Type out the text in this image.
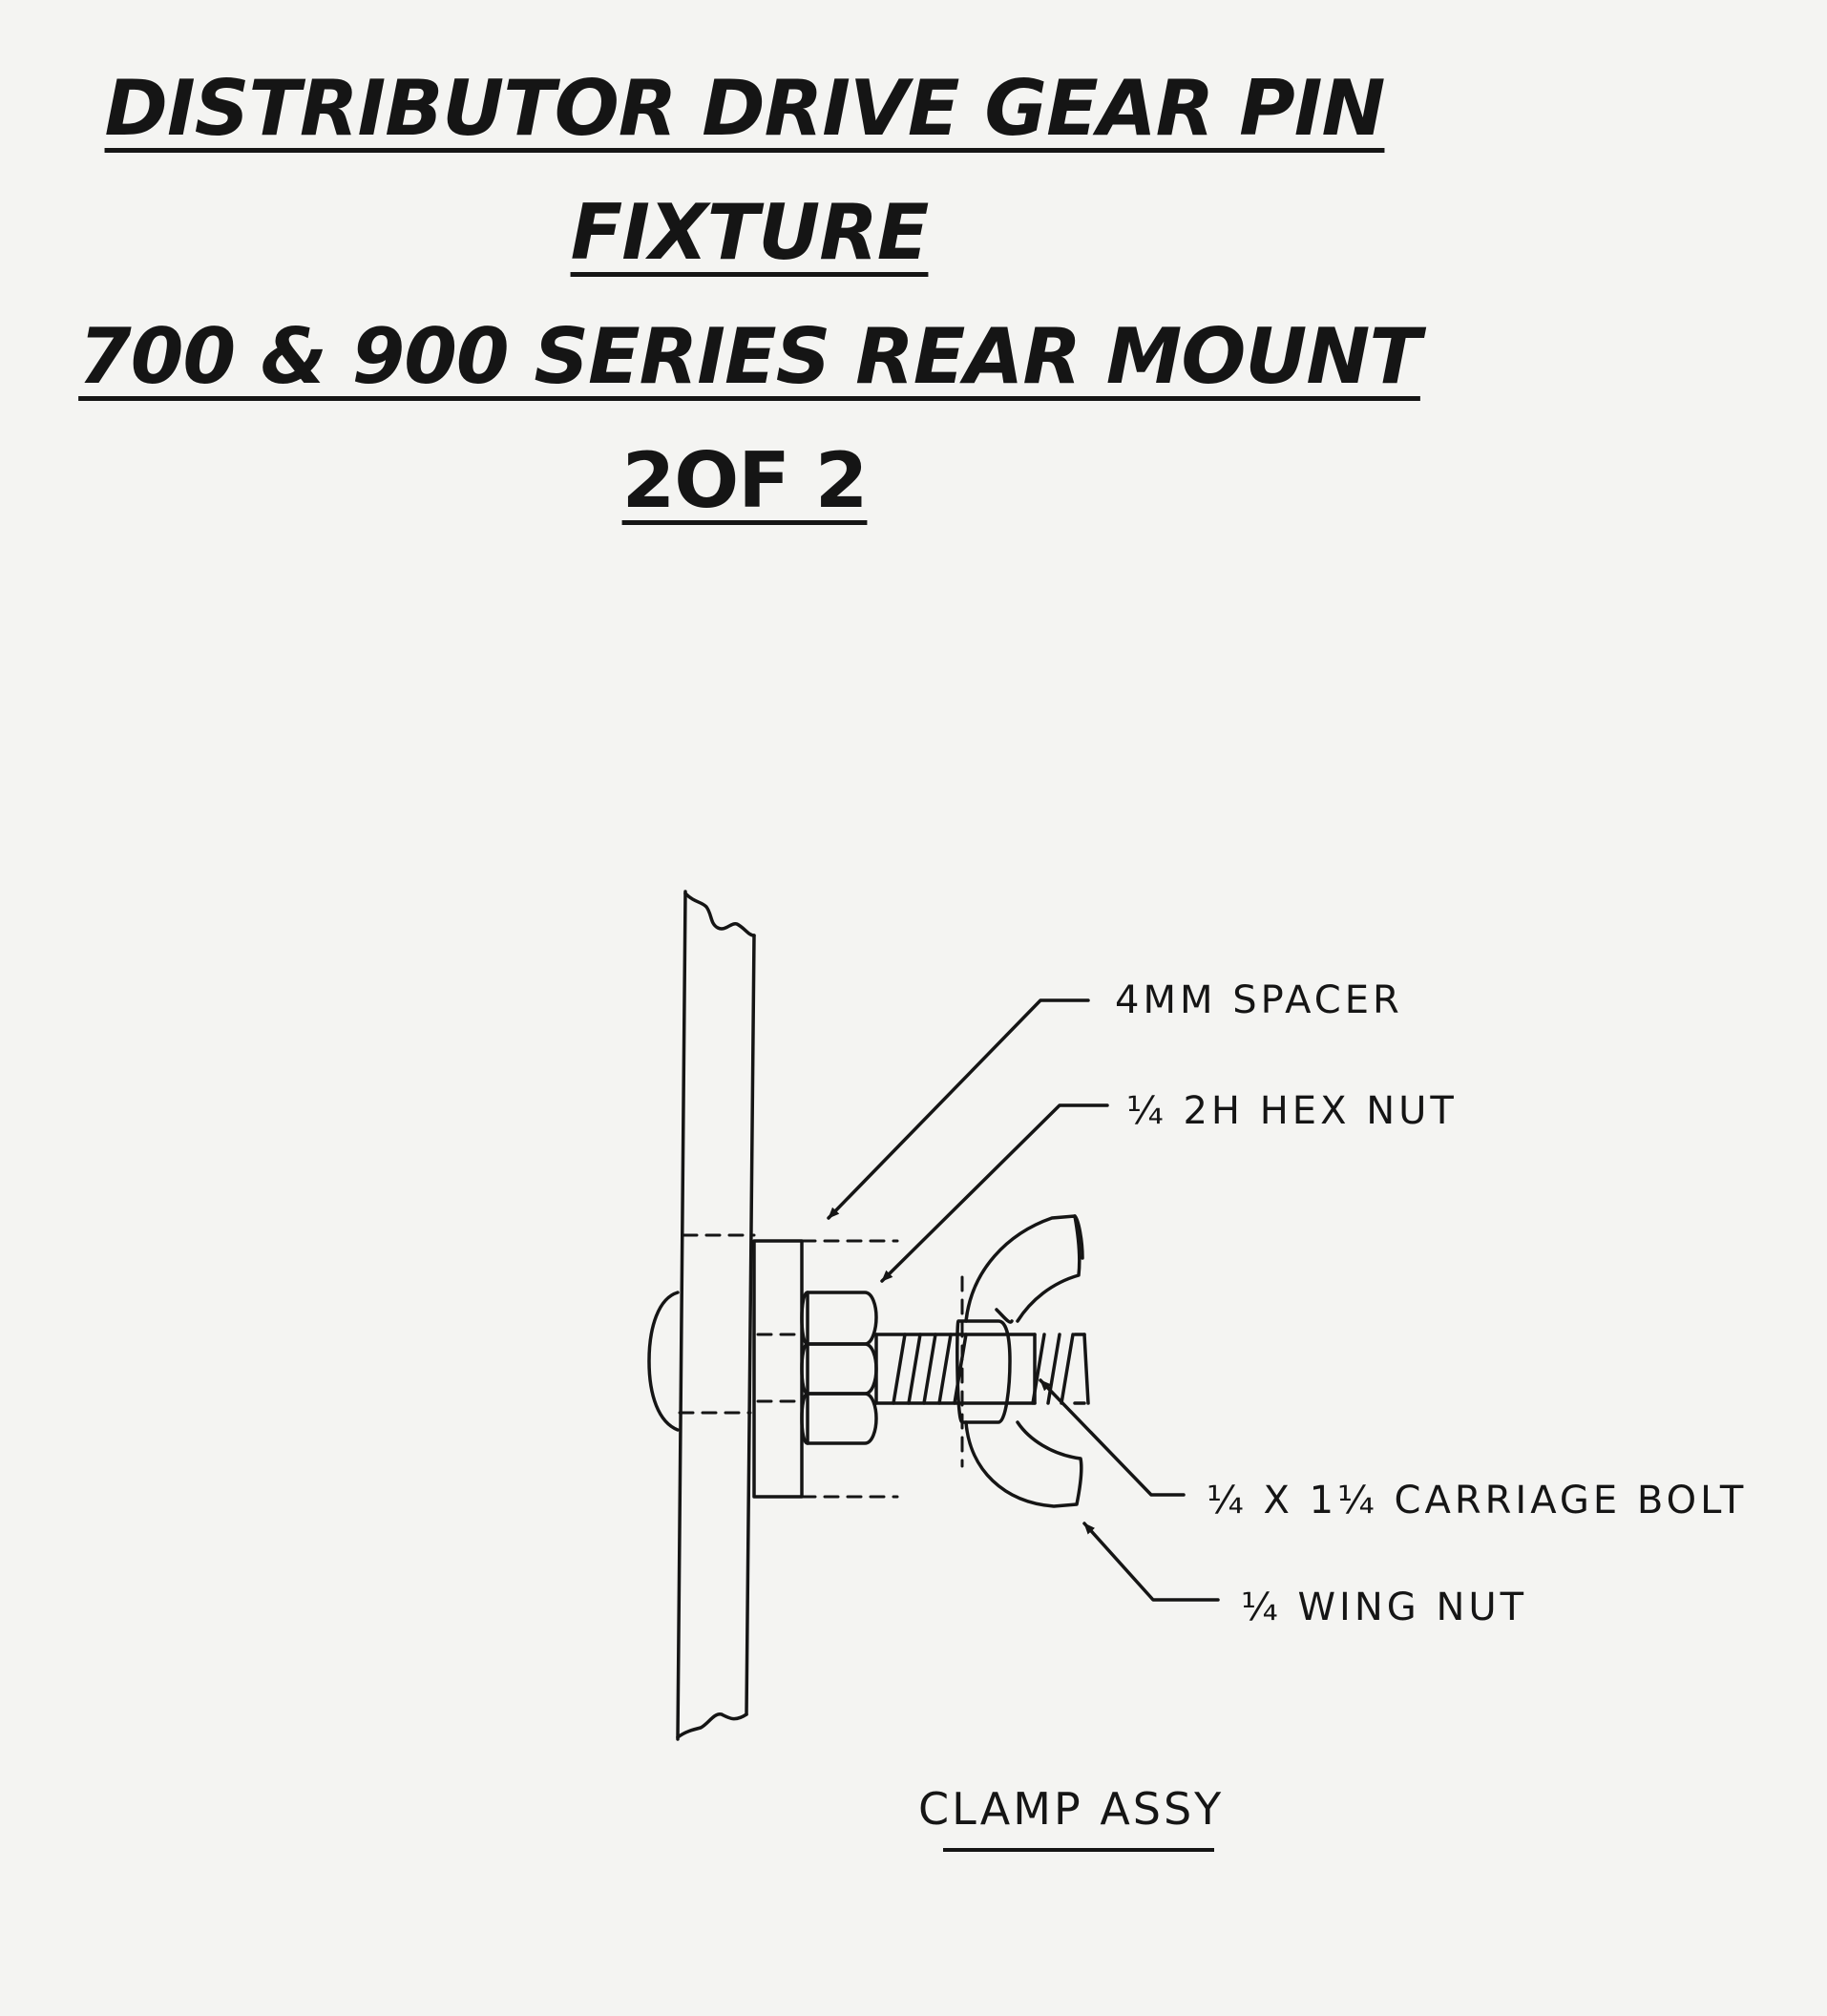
DISTRIBUTOR DRIVE GEAR PIN
FIXTURE
700 & 900 SERIES REAR MOUNT
2OF 2

4MM SPACER

¼ 2H HEX NUT

¼ X 1¼ CARRIAGE BOLT

¼ WING NUT

CLAMP ASSY
